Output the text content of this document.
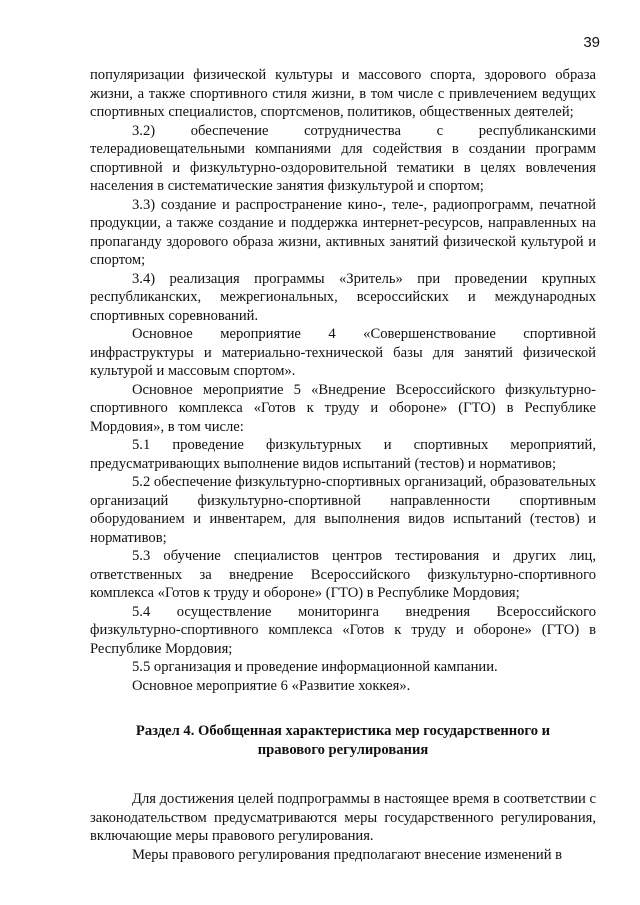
39

популяризации физической культуры и массового спорта, здорового образа жизни, а также спортивного стиля жизни, в том числе с привлечением ведущих спортивных специалистов, спортсменов, политиков, общественных деятелей;

3.2) обеспечение сотрудничества с республиканскими телерадиовещательными компаниями для содействия в создании программ спортивной и физкультурно-оздоровительной тематики в целях вовлечения населения в систематические занятия физкультурой и спортом;

3.3) создание и распространение кино-, теле-, радиопрограмм, печатной продукции, а также создание и поддержка интернет-ресурсов, направленных на пропаганду здорового образа жизни, активных занятий физической культурой и спортом;

3.4) реализация программы «Зритель» при проведении крупных республиканских, межрегиональных, всероссийских и международных спортивных соревнований.

Основное мероприятие 4 «Совершенствование спортивной инфраструктуры и материально-технической базы для занятий физической культурой и массовым спортом».

Основное мероприятие 5 «Внедрение Всероссийского физкультурно-спортивного комплекса «Готов к труду и обороне» (ГТО) в Республике Мордовия», в том числе:

5.1 проведение физкультурных и спортивных мероприятий, предусматривающих выполнение видов испытаний (тестов) и нормативов;

5.2 обеспечение физкультурно-спортивных организаций, образовательных организаций физкультурно-спортивной направленности спортивным оборудованием и инвентарем, для выполнения видов испытаний (тестов) и нормативов;

5.3 обучение специалистов центров тестирования и других лиц, ответственных за внедрение Всероссийского физкультурно-спортивного комплекса «Готов к труду и обороне» (ГТО) в Республике Мордовия;

5.4 осуществление мониторинга внедрения Всероссийского физкультурно-спортивного комплекса «Готов к труду и обороне» (ГТО) в Республике Мордовия;

5.5 организация и проведение информационной кампании.

Основное мероприятие 6 «Развитие хоккея».

Раздел 4. Обобщенная характеристика мер государственного и правового регулирования

Для достижения целей подпрограммы в настоящее время в соответствии с законодательством предусматриваются меры государственного регулирования, включающие меры правового регулирования.

Меры правового регулирования предполагают внесение изменений в
